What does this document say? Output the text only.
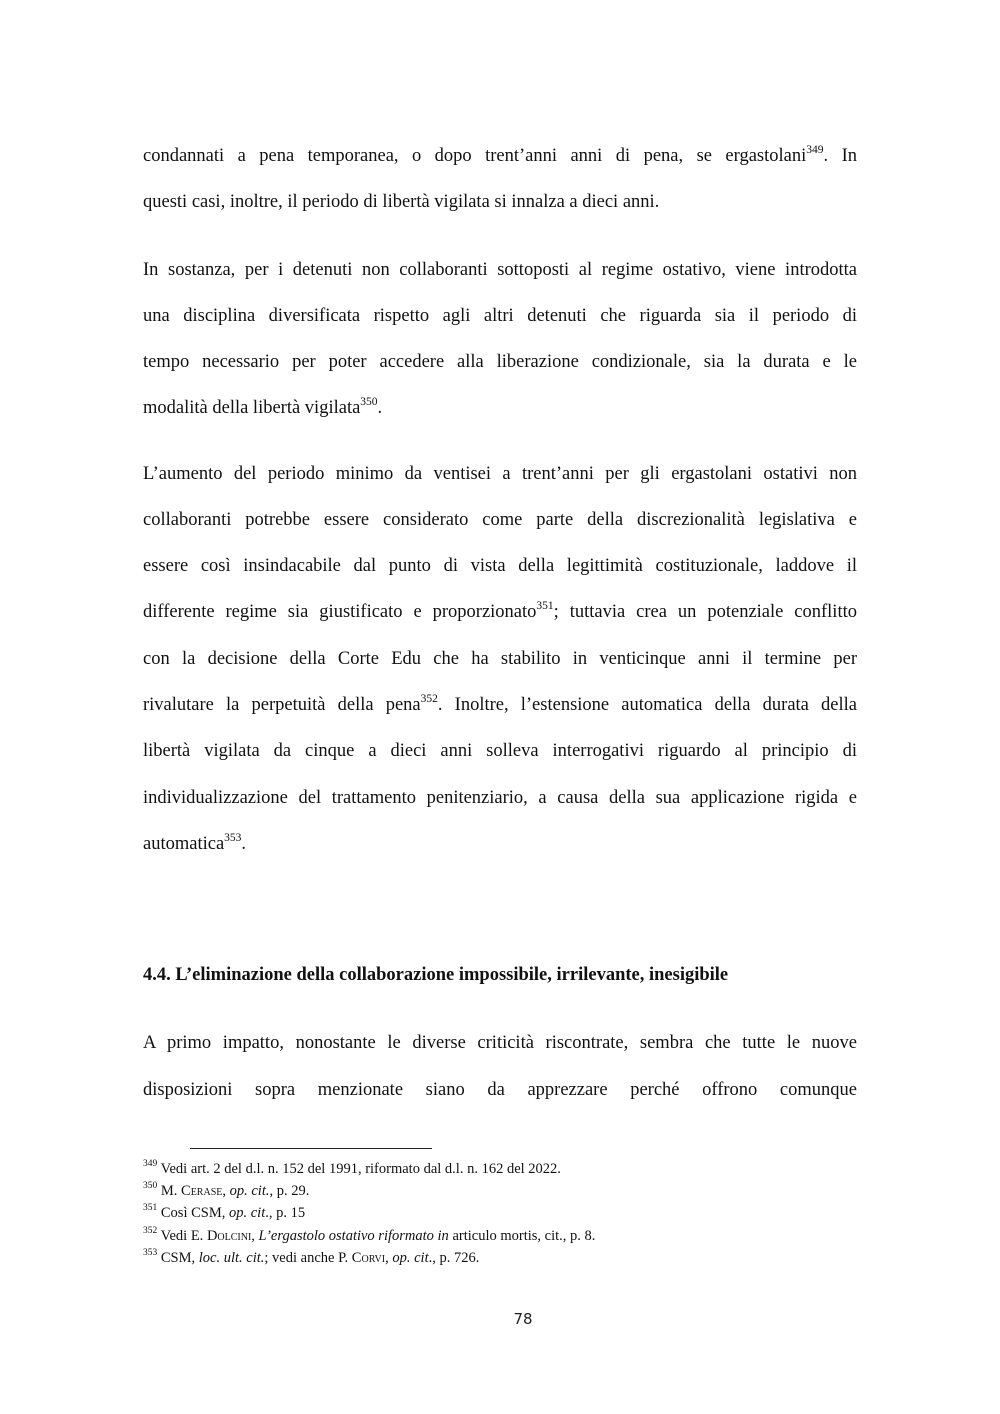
condannati a pena temporanea, o dopo trent’anni anni di pena, se ergastolani$^{349}$. In
questi casi, inoltre, il periodo di libertà vigilata si innalza a dieci anni.
In sostanza, per i detenuti non collaboranti sottoposti al regime ostativo, viene introdotta
una disciplina diversificata rispetto agli altri detenuti che riguarda sia il periodo di
tempo necessario per poter accedere alla liberazione condizionale, sia la durata e le
modalità della libertà vigilata$^{350}$.
L’aumento del periodo minimo da ventisei a trent’anni per gli ergastolani ostativi non
collaboranti potrebbe essere considerato come parte della discrezionalità legislativa e
essere così insindacabile dal punto di vista della legittimità costituzionale, laddove il
differente regime sia giustificato e proporzionato$^{351}$; tuttavia crea un potenziale conflitto
con la decisione della Corte Edu che ha stabilito in venticinque anni il termine per
rivalutare la perpetuità della pena$^{352}$. Inoltre, l’estensione automatica della durata della
libertà vigilata da cinque a dieci anni solleva interrogativi riguardo al principio di
individualizzazione del trattamento penitenziario, a causa della sua applicazione rigida e
automatica$^{353}$.
A primo impatto, nonostante le diverse criticità riscontrate, sembra che tutte le nuove
disposizioni sopra menzionate siano da apprezzare perché offrono comunque
4.4. L’eliminazione della collaborazione impossibile, irrilevante, inesigibile
$^{349}$ Vedi art. 2 del d.l. n. 152 del 1991, riformato dal d.l. n. 162 del 2022.
$^{350}$ M. Cerase, op. cit., p. 29.
$^{351}$ Così CSM, op. cit., p. 15
$^{352}$ Vedi E. Dolcini, L’ergastolo ostativo riformato in articulo mortis, cit., p. 8.
$^{353}$ CSM, loc. ult. cit.; vedi anche P. Corvi, op. cit., p. 726.
78
